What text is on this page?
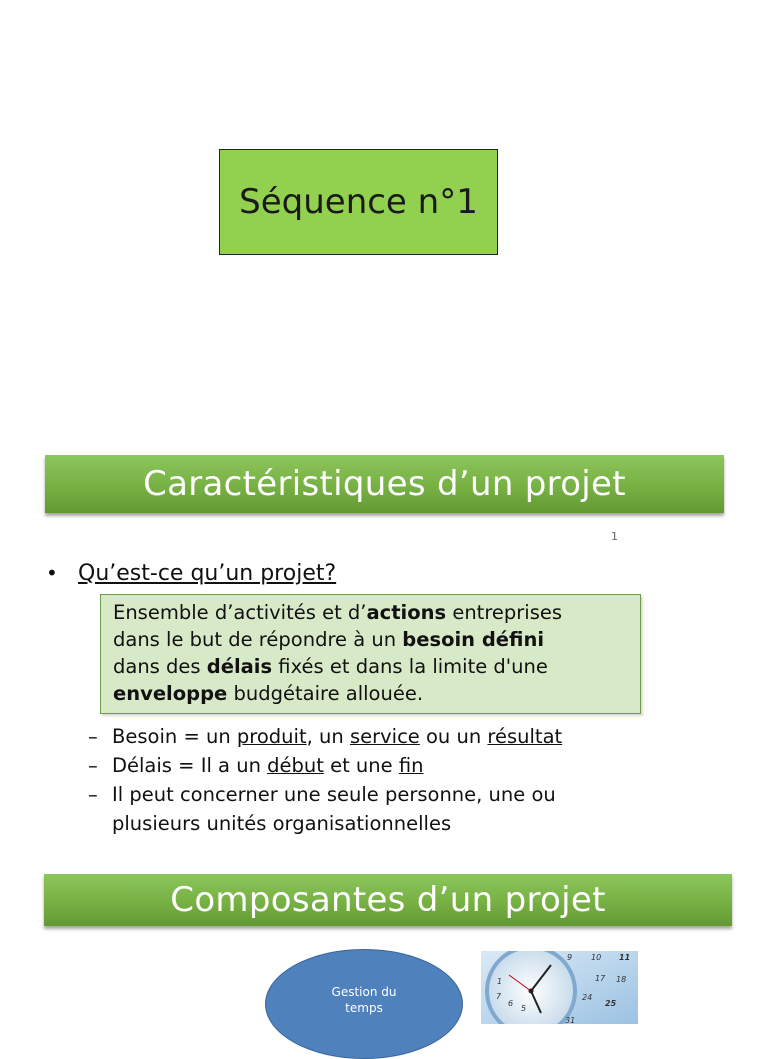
Séquence n°1
Caractéristiques d’un projet
1
• Qu’est-ce qu’un projet?
Ensemble d’activités et d’actions entreprises
dans le but de répondre à un besoin défini
dans des délais fixés et dans la limite d'une
enveloppe budgétaire allouée.
– Besoin = un produit, un service ou un résultat
– Délais = Il a un début et une fin
– Il peut concerner une seule personne, une ou
plusieurs unités organisationnelles
Composantes d’un projet
Gestion du
temps
1
7
6
5
9 10 11
17 18
24
25
31
